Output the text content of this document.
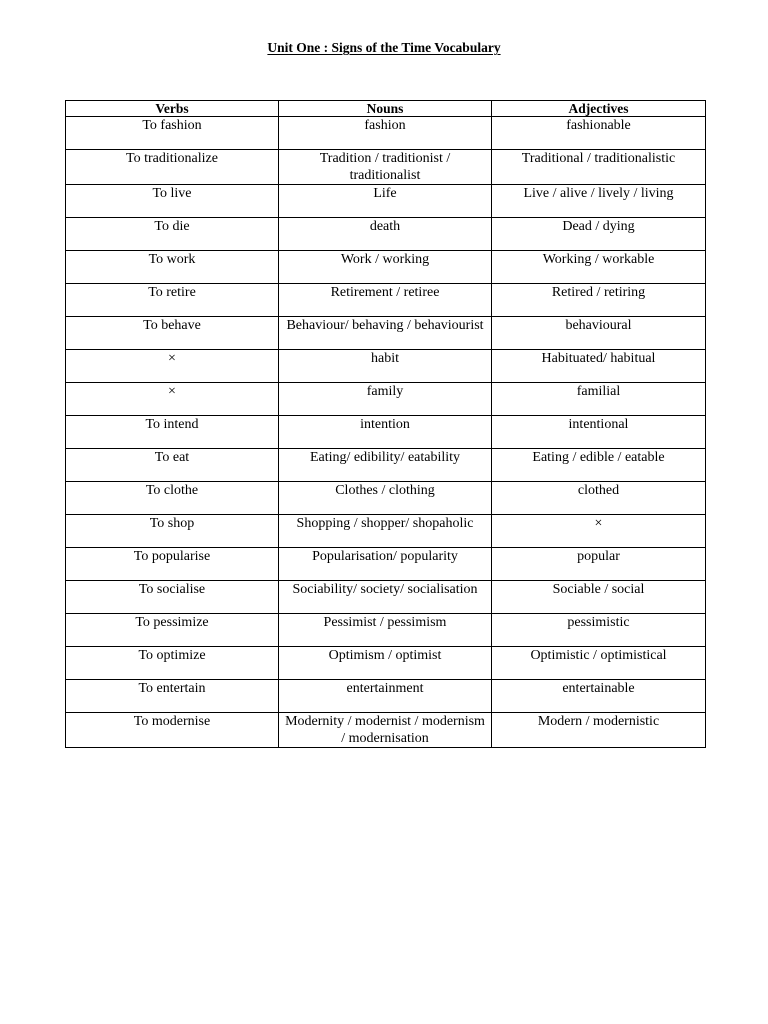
Unit One : Signs of the Time Vocabulary
Verbs	Nouns	Adjectives
To fashion	fashion	fashionable
To traditionalize	Tradition / traditionist / traditionalist	Traditional / traditionalistic
To live	Life	Live / alive / lively / living
To die	death	Dead / dying
To work	Work / working	Working / workable
To retire	Retirement / retiree	Retired / retiring
To behave	Behaviour/ behaving / behaviourist	behavioural
×	habit	Habituated/ habitual
×	family	familial
To intend	intention	intentional
To eat	Eating/ edibility/ eatability	Eating / edible / eatable
To clothe	Clothes / clothing	clothed
To shop	Shopping / shopper/ shopaholic	×
To popularise	Popularisation/ popularity	popular
To socialise	Sociability/ society/ socialisation	Sociable / social
To pessimize	Pessimist / pessimism	pessimistic
To optimize	Optimism / optimist	Optimistic / optimistical
To entertain	entertainment	entertainable
To modernise	Modernity / modernist / modernism / modernisation	Modern / modernistic
